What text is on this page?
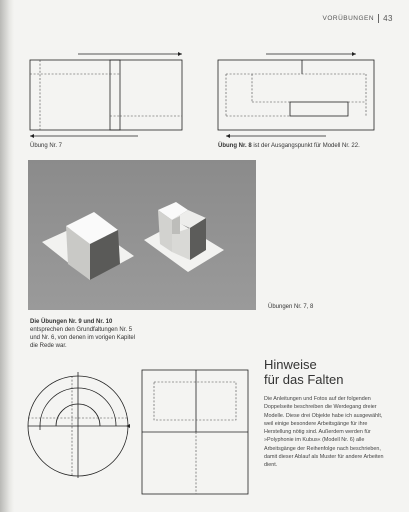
VORÜBUNGEN 43
Übung Nr. 7	Übung Nr. 8 ist der Ausgangspunkt für Modell Nr. 22.
Die Übungen Nr. 9 und Nr. 10
entsprechen den Grundfaltungen Nr. 5 und Nr. 6, von denen im vorigen Kapitel die Rede war.
Übungen Nr. 7, 8
Hinweise
für das Falten
Die Anleitungen und Fotos auf der folgenden Doppelseite beschreiben die Werdegang dreier Modelle. Diese drei Objekte habe ich ausgewählt, weil einige besondere Arbeitsgänge für ihre Herstellung nötig sind. Außerdem werden für »Polyphonie im Kubus« (Modell Nr. 6) alle Arbeitsgänge der Reihenfolge nach beschrieben, damit dieser Ablauf als Muster für andere Arbeiten dient.
